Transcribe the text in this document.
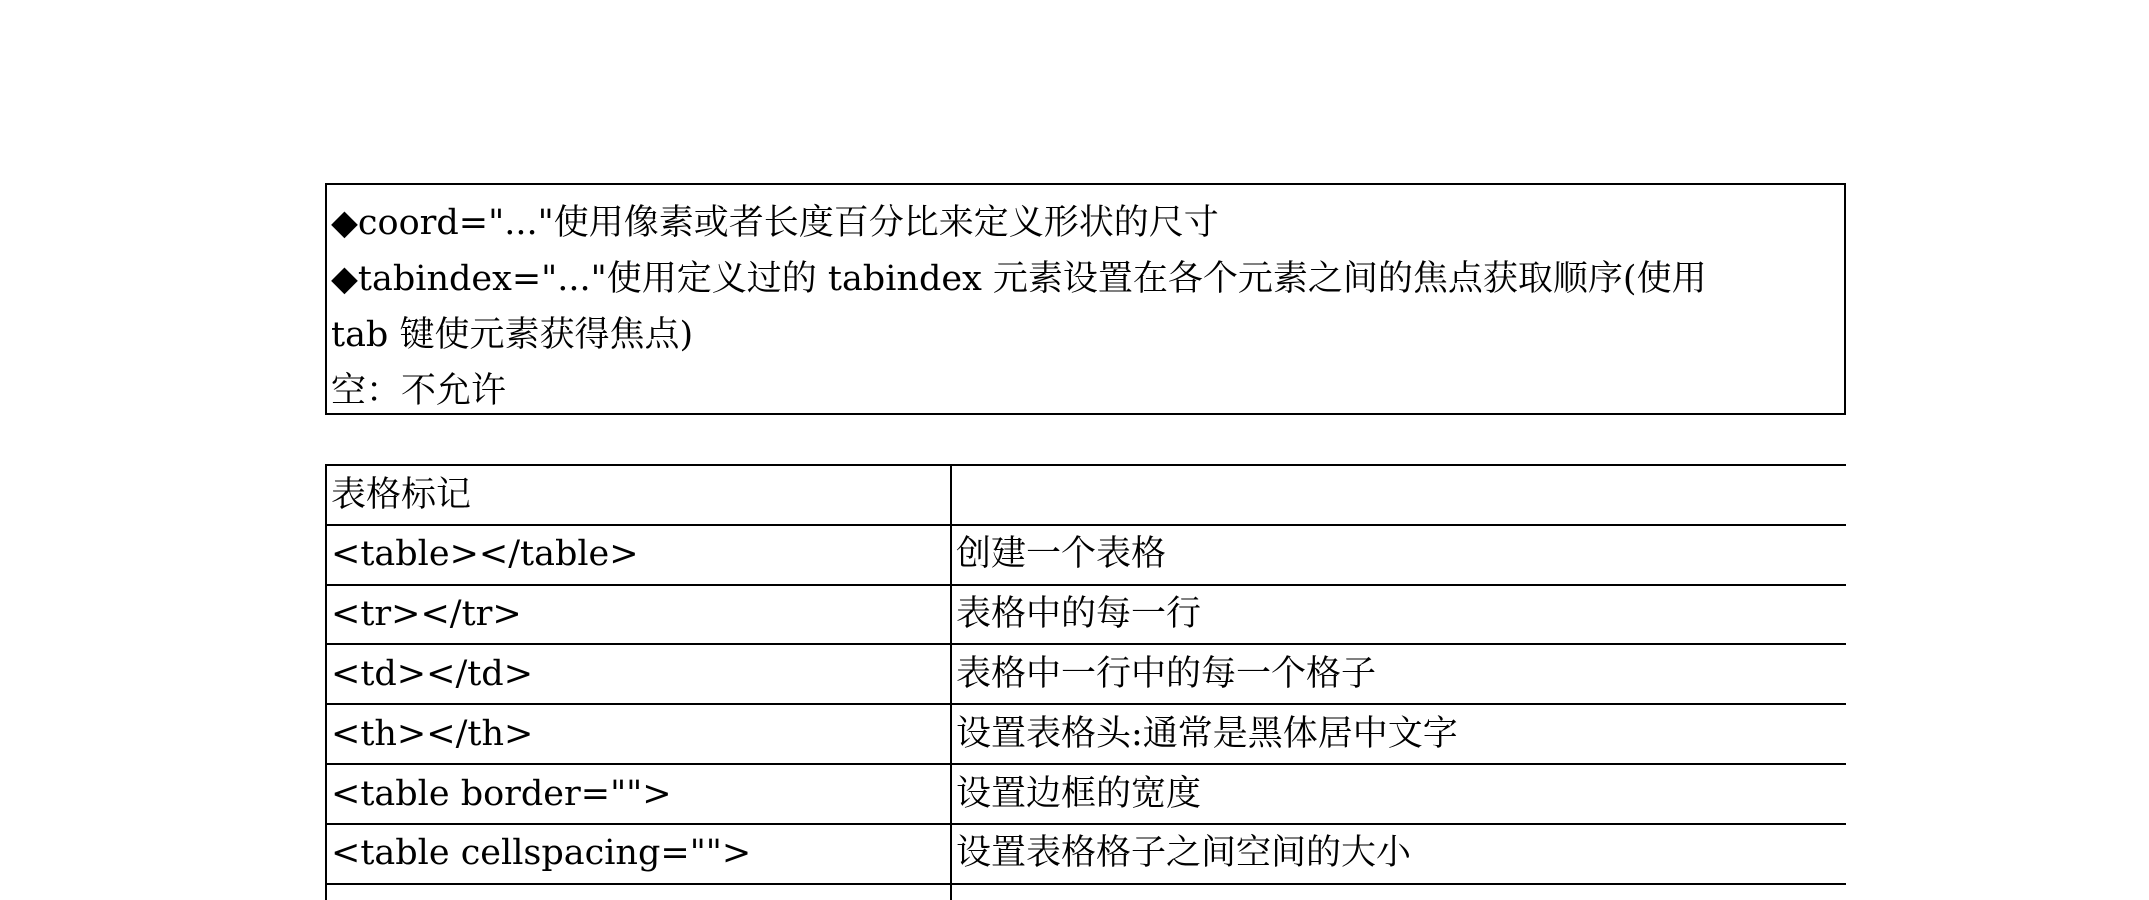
◆coord="..."使用像素或者长度百分比来定义形状的尺寸
◆tabindex="..."使用定义过的 tabindex 元素设置在各个元素之间的焦点获取顺序(使用
tab 键使元素获得焦点)
空：不允许
表格标记	
<table></table>	创建一个表格
<tr></tr>	表格中的每一行
<td></td>	表格中一行中的每一个格子
<th></th>	设置表格头:通常是黑体居中文字
<table border="">	设置边框的宽度
<table cellspacing="">	设置表格格子之间空间的大小
